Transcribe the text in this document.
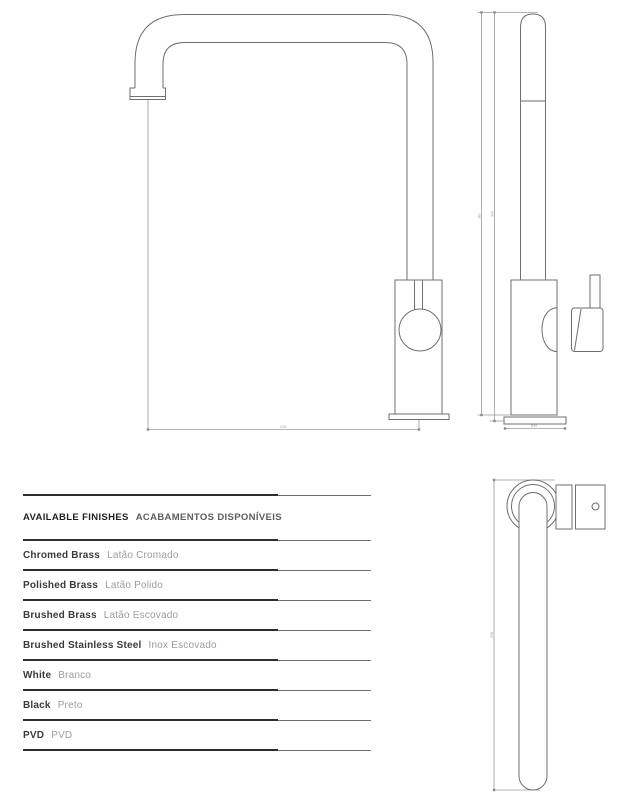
220
367	343
Ø50
350
AVAILABLE FINISHES ACABAMENTOS DISPONÍVEIS
Chromed Brass Latão Cromado
Polished Brass Latão Polido
Brushed Brass Latão Escovado
Brushed Stainless Steel Inox Escovado
White Branco
Black Preto
PVD PVD
